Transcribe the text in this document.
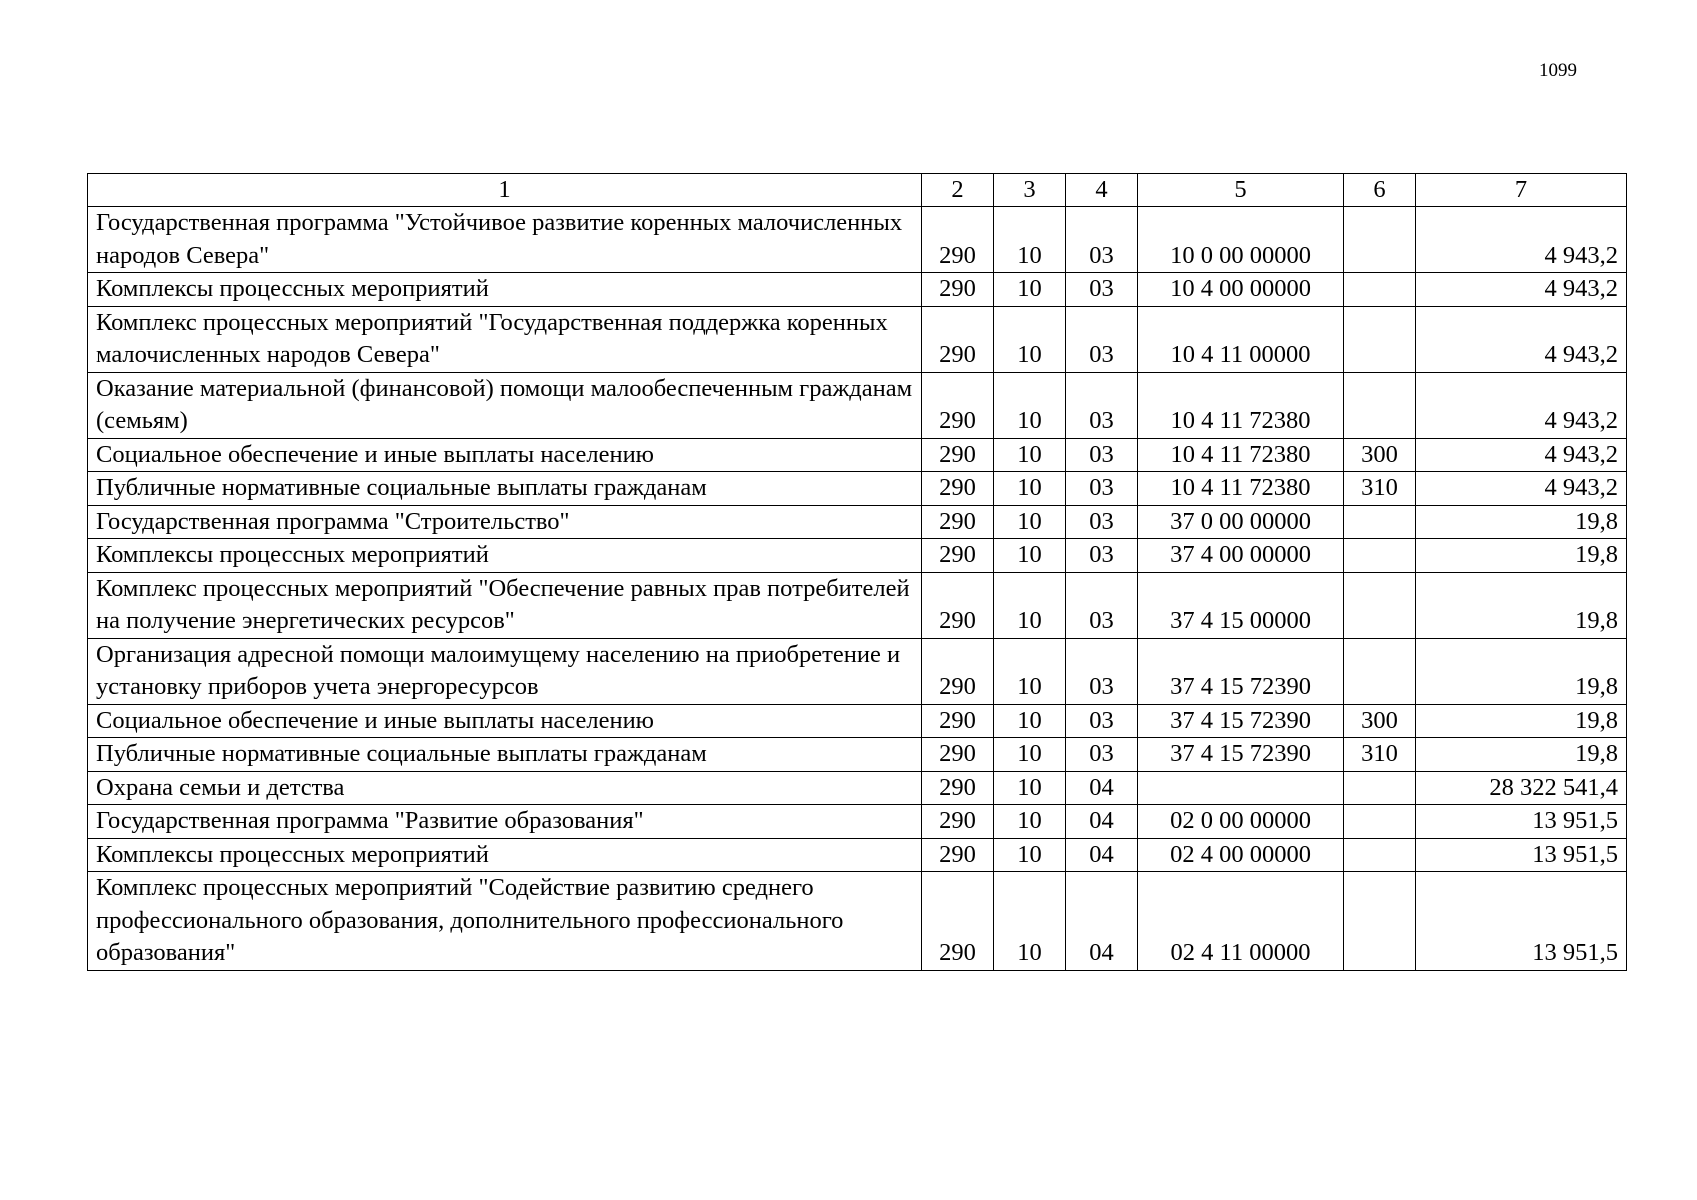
1099
1	2	3	4	5	6	7
Государственная программа "Устойчивое развитие коренных малочисленных народов Севера"	290	10	03	10 0 00 00000		4 943,2
Комплексы процессных мероприятий	290	10	03	10 4 00 00000		4 943,2
Комплекс процессных мероприятий "Государственная поддержка коренных малочисленных народов Севера"	290	10	03	10 4 11 00000		4 943,2
Оказание материальной (финансовой) помощи малообеспеченным гражданам (семьям)	290	10	03	10 4 11 72380		4 943,2
Социальное обеспечение и иные выплаты населению	290	10	03	10 4 11 72380	300	4 943,2
Публичные нормативные социальные выплаты гражданам	290	10	03	10 4 11 72380	310	4 943,2
Государственная программа "Строительство"	290	10	03	37 0 00 00000		19,8
Комплексы процессных мероприятий	290	10	03	37 4 00 00000		19,8
Комплекс процессных мероприятий "Обеспечение равных прав потребителей на получение энергетических ресурсов"	290	10	03	37 4 15 00000		19,8
Организация адресной помощи малоимущему населению на приобретение и установку приборов учета энергоресурсов	290	10	03	37 4 15 72390		19,8
Социальное обеспечение и иные выплаты населению	290	10	03	37 4 15 72390	300	19,8
Публичные нормативные социальные выплаты гражданам	290	10	03	37 4 15 72390	310	19,8
Охрана семьи и детства	290	10	04			28 322 541,4
Государственная программа "Развитие образования"	290	10	04	02 0 00 00000		13 951,5
Комплексы процессных мероприятий	290	10	04	02 4 00 00000		13 951,5
Комплекс процессных мероприятий "Содействие развитию среднего профессионального образования, дополнительного профессионального образования"	290	10	04	02 4 11 00000		13 951,5
